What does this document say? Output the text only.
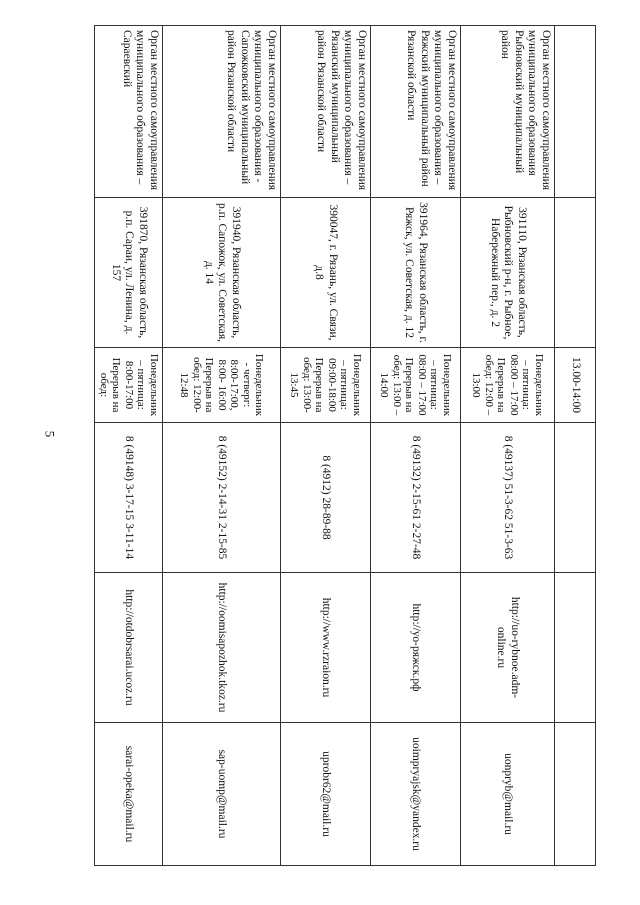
5
		13.00-14:00			
Орган местного самоуправления муниципального образования Рыбновский муниципальный район	391110, Рязанская область, Рыбновский р-н, г. Рыбное, Набережный пер., д. 2	Понедельник – пятница: 08:00 – 17:00 Перерыв на обед: 12:00 – 13:00	8 (49137) 51-3-62 51-3-63	http://uo-rybnoe.adm-online.ru	uonpryb@mail.ru
Орган местного самоуправления муниципального образования – Ряжский муниципальный район Рязанской области	391964, Рязанская область, г. Ряжск, ул. Советская, д. 12	Понедельник – пятница: 08:00 – 17:00 Перерыв на обед: 13:00 – 14:00	8 (49132) 2-15-61 2-27-48	http://уо-ряжск.рф	uoimpryajsk@yandex.ru
Орган местного самоуправления муниципального образования – Рязанский муниципальный район Рязанской области	390047, г. Рязань, ул. Связи, д.8	Понедельник – пятница: 09:00-18:00 Перерыв на обед: 13:00-13:45	8 (4912) 28-89-88	http://www.rzraion.ru	uprobr62@mail.ru
Орган местного самоуправления муниципального образования - Сапожковский муниципальный район Рязанской области	391940, Рязанская область, р.п. Сапожок, ул. Советская, д. 14	Понедельник - четверг: 8:00-17:00, 8:00- 16:00 Перерыв на обед: 12:00- 12:48	8 (49152) 2-14-31 2-15-85	http://oomisapozhok.tkoz.ru	sap-uomp@mail.ru
Орган местного самоуправления муниципального образования – Сараевский	391870, Рязанская область, р.п. Сараи, ул. Ленина, д. 157	Понедельник – пятница: 8:00-17:00 Перерыв на обед:	8 (49148) 3-17-15 3-11-14	http://otdobrsarai.ucoz.ru	sarai-opeka@mail.ru
